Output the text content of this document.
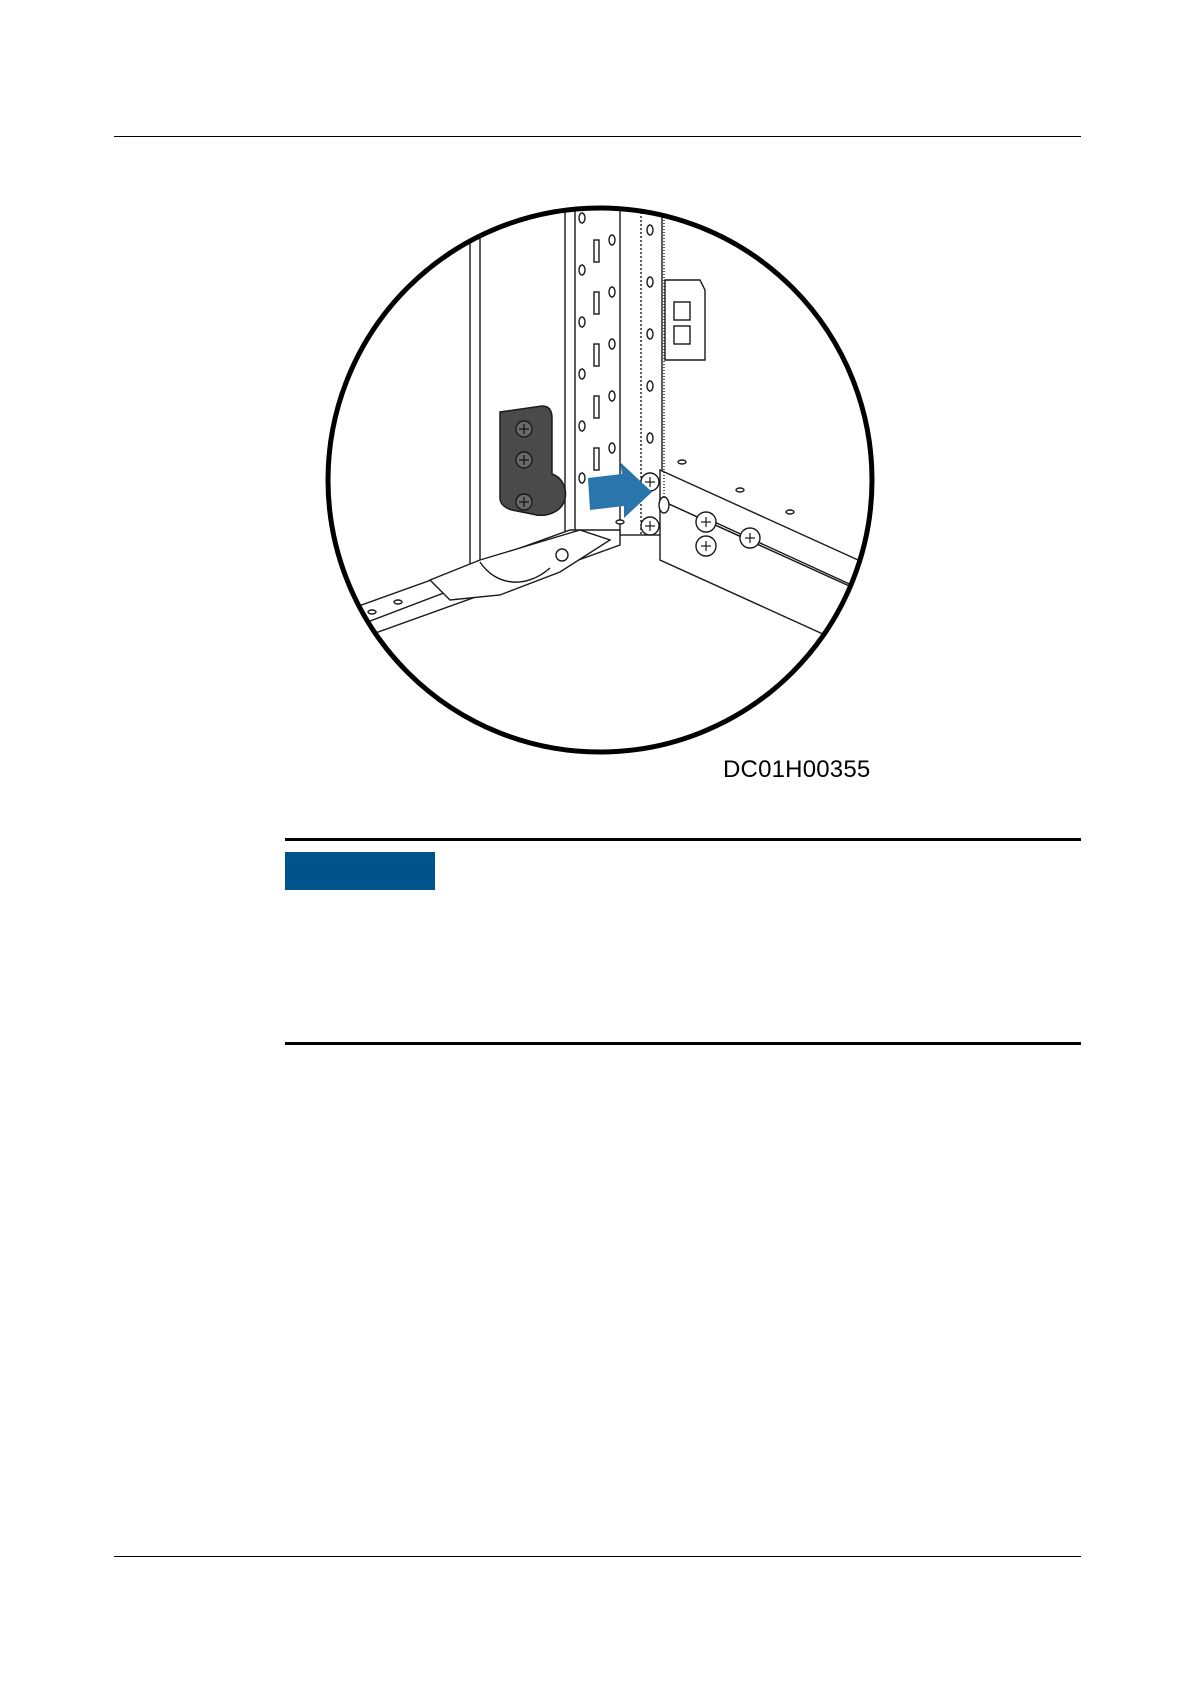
DC01H00355
